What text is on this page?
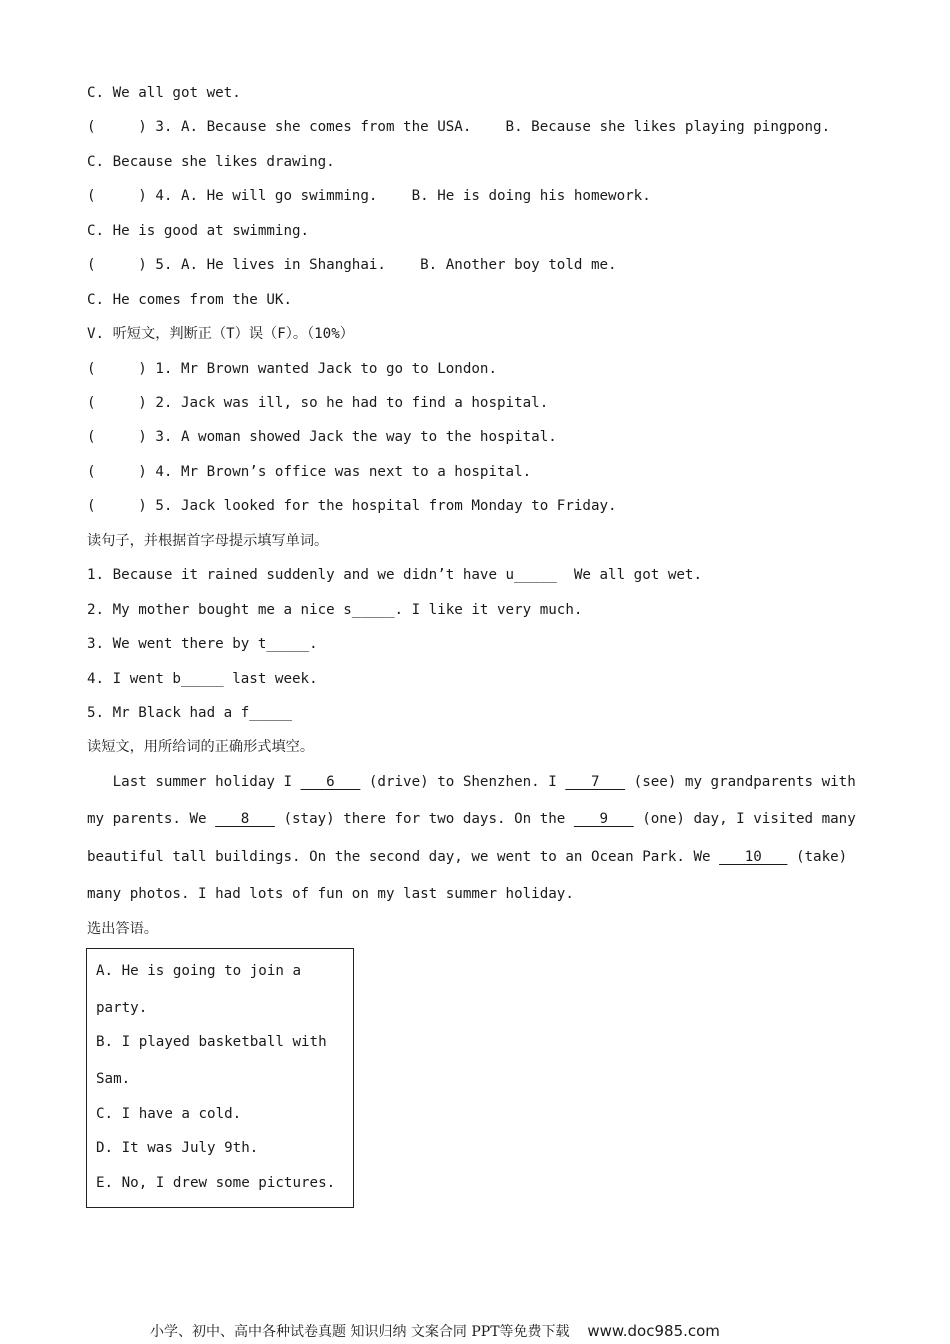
C. We all got wet.
(     ) 3. A. Because she comes from the USA.    B. Because she likes playing pingpong.
C. Because she likes drawing.
(     ) 4. A. He will go swimming.    B. He is doing his homework.
C. He is good at swimming.
(     ) 5. A. He lives in Shanghai.    B. Another boy told me.
C. He comes from the UK.
V. 听短文，判断正（T）误（F）。（10%）
(     ) 1. Mr Brown wanted Jack to go to London.
(     ) 2. Jack was ill, so he had to find a hospital.
(     ) 3. A woman showed Jack the way to the hospital.
(     ) 4. Mr Brown’s office was next to a hospital.
(     ) 5. Jack looked for the hospital from Monday to Friday.
读句子，并根据首字母提示填写单词。
1. Because it rained suddenly and we didn’t have u_____  We all got wet.
2. My mother bought me a nice s_____. I like it very much.
3. We went there by t_____.
4. I went b_____ last week.
5. Mr Black had a f_____
读短文，用所给词的正确形式填空。
Last summer holiday I    6    (drive) to Shenzhen. I    7    (see) my grandparents with
my parents. We    8    (stay) there for two days. On the    9    (one) day, I visited many
beautiful tall buildings. On the second day, we went to an Ocean Park. We    10    (take)
many photos. I had lots of fun on my last summer holiday.
选出答语。
A. He is going to join a
party.
B. I played basketball with
Sam.
C. I have a cold.
D. It was July 9th.
E. No, I drew some pictures.
小学、初中、高中各种试卷真题 知识归纳 文案合同 PPT等免费下载 www.doc985.com
